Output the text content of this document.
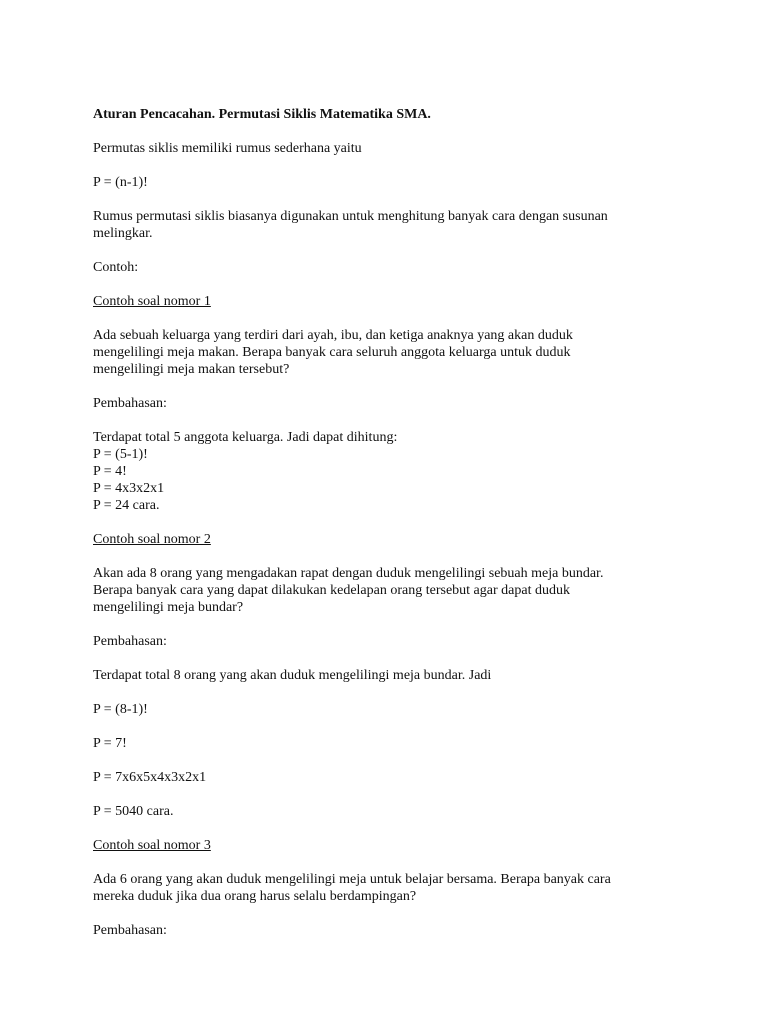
Aturan Pencacahan. Permutasi Siklis Matematika SMA.
Permutas siklis memiliki rumus sederhana yaitu
P = (n-1)!
Rumus permutasi siklis biasanya digunakan untuk menghitung banyak cara dengan susunan
melingkar.
Contoh:
Contoh soal nomor 1
Ada sebuah keluarga yang terdiri dari ayah, ibu, dan ketiga anaknya yang akan duduk
mengelilingi meja makan. Berapa banyak cara seluruh anggota keluarga untuk duduk
mengelilingi meja makan tersebut?
Pembahasan:
Terdapat total 5 anggota keluarga. Jadi dapat dihitung:
P = (5-1)!
P = 4!
P = 4x3x2x1
P = 24 cara.
Contoh soal nomor 2
Akan ada 8 orang yang mengadakan rapat dengan duduk mengelilingi sebuah meja bundar.
Berapa banyak cara yang dapat dilakukan kedelapan orang tersebut agar dapat duduk
mengelilingi meja bundar?
Pembahasan:
Terdapat total 8 orang yang akan duduk mengelilingi meja bundar. Jadi
P = (8-1)!
P = 7!
P = 7x6x5x4x3x2x1
P = 5040 cara.
Contoh soal nomor 3
Ada 6 orang yang akan duduk mengelilingi meja untuk belajar bersama. Berapa banyak cara
mereka duduk jika dua orang harus selalu berdampingan?
Pembahasan:
